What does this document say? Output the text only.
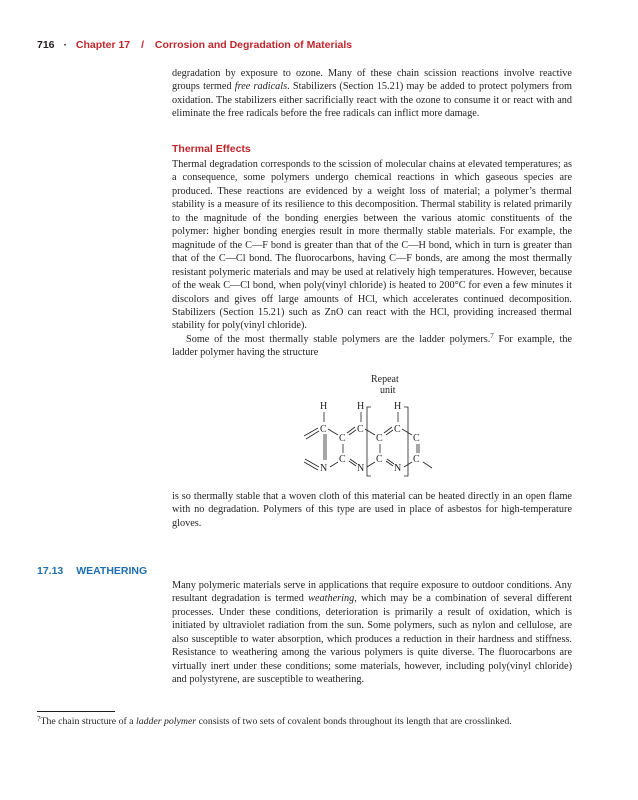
716 · Chapter 17 / Corrosion and Degradation of Materials

degradation by exposure to ozone. Many of these chain scission reactions involve reactive groups termed free radicals. Stabilizers (Section 15.21) may be added to protect polymers from oxidation. The stabilizers either sacrificially react with the ozone to consume it or react with and eliminate the free radicals before the free radicals can inflict more damage.

Thermal Effects

Thermal degradation corresponds to the scission of molecular chains at elevated temperatures; as a consequence, some polymers undergo chemical reactions in which gaseous species are produced. These reactions are evidenced by a weight loss of material; a polymer’s thermal stability is a measure of its resilience to this decomposition. Thermal stability is related primarily to the magnitude of the bonding energies between the various atomic constituents of the polymer: higher bonding energies result in more thermally stable materials. For example, the magnitude of the C—F bond is greater than that of the C—H bond, which in turn is greater than that of the C—Cl bond. The fluorocarbons, having C—F bonds, are among the most thermally resistant polymeric materials and may be used at relatively high temperatures. However, because of the weak C—Cl bond, when poly(vinyl chloride) is heated to 200°C for even a few minutes it discolors and gives off large amounts of HCl, which accelerates continued decomposition. Stabilizers (Section 15.21) such as ZnO can react with the HCl, providing increased thermal stability for poly(vinyl chloride).

Some of the most thermally stable polymers are the ladder polymers.$^7$ For example, the ladder polymer having the structure

Repeat
unit
H	H	H
C	C	C
C	C	C
C	C	C
N	N	N

is so thermally stable that a woven cloth of this material can be heated directly in an open flame with no degradation. Polymers of this type are used in place of asbestos for high-temperature gloves.

17.13 WEATHERING

Many polymeric materials serve in applications that require exposure to outdoor conditions. Any resultant degradation is termed weathering, which may be a combination of several different processes. Under these conditions, deterioration is primarily a result of oxidation, which is initiated by ultraviolet radiation from the sun. Some polymers, such as nylon and cellulose, are also susceptible to water absorption, which produces a reduction in their hardness and stiffness. Resistance to weathering among the various polymers is quite diverse. The fluorocarbons are virtually inert under these conditions; some materials, however, including poly(vinyl chloride) and polystyrene, are susceptible to weathering.

$^7$The chain structure of a ladder polymer consists of two sets of covalent bonds throughout its length that are crosslinked.
